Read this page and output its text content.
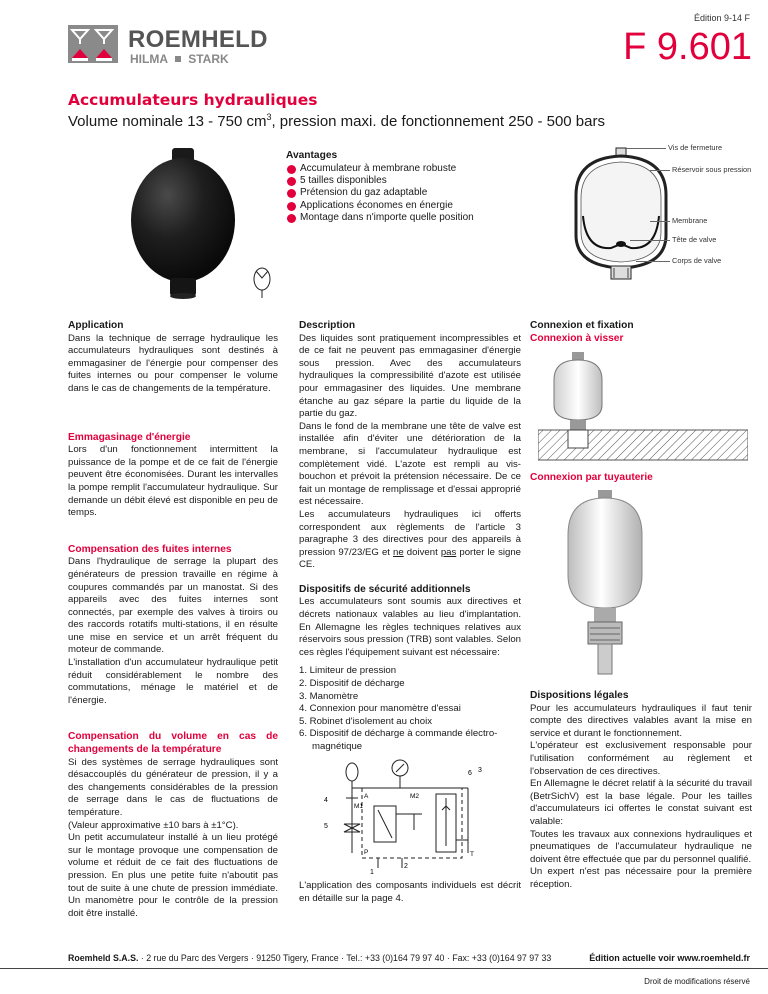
ROEMHELD
HILMA STARK
Édition 9-14 F
F 9.601
Accumulateurs hydrauliques
Volume nominale 13 - 750 $cm^3$, pression maxi. de fonctionnement 250 - 500 bars
Avantages
Accumulateur à membrane robuste
5 tailles disponibles
Prétension du gaz adaptable
Applications économes en énergie
Montage dans n'importe quelle position
Vis de fermeture
Réservoir sous pression
Membrane
Tête de valve
Corps de valve
Application

Dans la technique de serrage hydraulique les accumulateurs hydrauliques sont destinés à emmagasiner de l'énergie pour compenser des fuites internes ou pour compenser le volume dans le cas de changements de la température.

Emmagasinage d'énergie

Lors d'un fonctionnement intermittent la puissance de la pompe et de ce fait de l'énergie peuvent être économisées. Durant les intervalles la pompe remplit l'accumulateur hydraulique. Sur demande un débit élevé est disponible en peu de temps.

Compensation des fuites internes

Dans l'hydraulique de serrage la plupart des générateurs de pression travaille en régime à coupures commandés par un manostat. Si des appareils avec des fuites internes sont connectés, par exemple des valves à tiroirs ou des raccords rotatifs multi-stations, il en résulte une mise en service et un arrêt fréquent du moteur de commande.

L'installation d'un accumulateur hydraulique petit réduit considérablement le nombre des commutations, ménage le matériel et de l'énergie.

Compensation du volume en cas de changements de la température

Si des systèmes de serrage hydrauliques sont désaccouplés du générateur de pression, il y a des changements considérables de la pression de serrage dans le cas de fluctuations de température.

(Valeur approximative ±10 bars à ±1°C).

Un petit accumulateur installé à un lieu protégé sur le montage provoque une compensation de volume et réduit de ce fait des fluctuations de pression. En plus une petite fuite n'aboutit pas tout de suite à une chute de pression immédiate. Un manomètre pour le contrôle de la pression doit être installé.

Description

Des liquides sont pratiquement incompressibles et de ce fait ne peuvent pas emmagasiner d'énergie sous pression. Avec des accumulateurs hydrauliques la compressibilité d'azote est utilisée pour emmagasiner des liquides. Une membrane étanche au gaz sépare la partie du liquide de la partie du gaz.

Dans le fond de la membrane une tête de valve est installée afin d'éviter une détérioration de la membrane, si l'accumulateur hydraulique est complètement vidé. L'azote est rempli au vis-bouchon et prévoit la prétension nécessaire. De ce fait un montage de remplissage et d'essai approprié est nécessaire.

Les accumulateurs hydrauliques ici offerts correspondent aux règlements de l'article 3 paragraphe 3 des directives pour des appareils à pression 97/23/EG et ne doivent pas porter le signe CE.

Dispositifs de sécurité additionnels

Les accumulateurs sont soumis aux directives et décrets nationaux valables au lieu d'implantation. En Allemagne les règles techniques relatives aux réservoirs sous pression (TRB) sont valables. Selon ces règles l'équipement suivant est nécessaire:

1. Limiteur de pression
2. Dispositif de décharge
3. Manomètre
4. Connexion pour manomètre d'essai
5. Robinet d'isolement au choix
6. Dispositif de décharge à commande électro-
magnétique
3
6
4
5
1
2
A
M1
M2
P	T

L'application des composants individuels est décrit en détaille sur la page 4.

Connexion et fixation
Connexion à visser
Connexion par tuyauterie
Dispositions légales

Pour les accumulateurs hydrauliques il faut tenir compte des directives valables avant la mise en service et durant le fonctionnement.

L'opérateur est exclusivement responsable pour l'utilisation conformément au règlement et l'observation de ces directives.

En Allemagne le décret relatif à la sécurité du travail (BetrSichV) est la base légale. Pour les tailles d'accumulateurs ici offertes le constat suivant est valable:

Toutes les travaux aux connexions hydrauliques et pneumatiques de l'accumulateur hydraulique ne doivent être effectuée que par du personnel qualifié.

Un expert n'est pas nécessaire pour la première réception.

Roemheld S.A.S. · 2 rue du Parc des Vergers · 91250 Tigery, France · Tel.: +33 (0)164 79 97 40 · Fax: +33 (0)164 97 97 33	Édition actuelle voir www.roemheld.fr
Droit de modifications réservé
